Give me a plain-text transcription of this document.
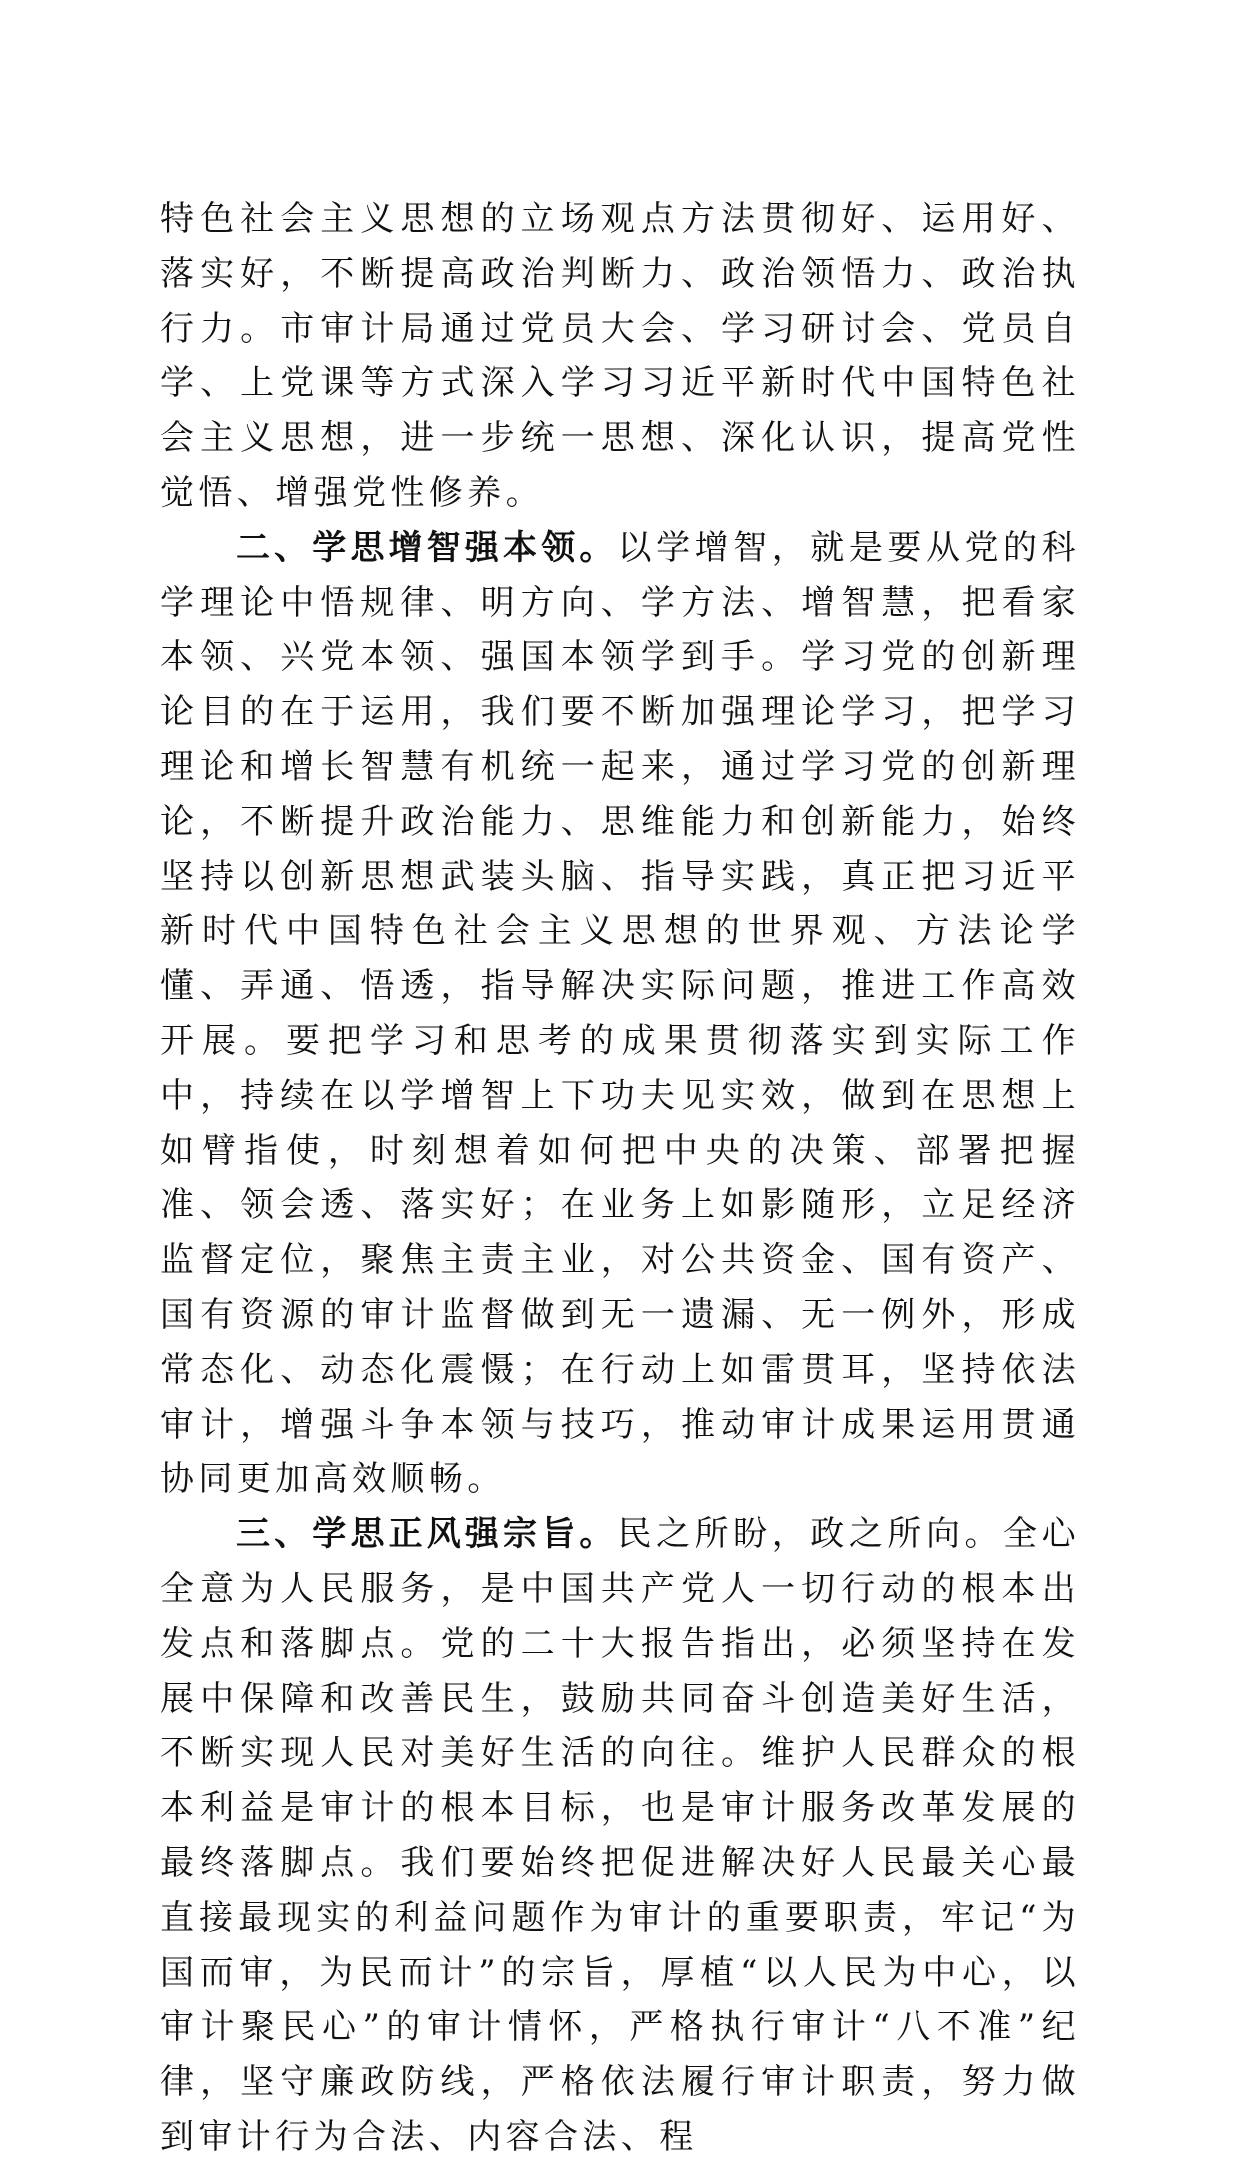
特色社会主义思想的立场观点方法贯彻好、运用好、落实好，不断提高政治判断力、政治领悟力、政治执行力。市审计局通过党员大会、学习研讨会、党员自学、上党课等方式深入学习习近平新时代中国特色社会主义思想，进一步统一思想、深化认识，提高党性觉悟、增强党性修养。

二、学思增智强本领。以学增智，就是要从党的科学理论中悟规律、明方向、学方法、增智慧，把看家本领、兴党本领、强国本领学到手。学习党的创新理论目的在于运用，我们要不断加强理论学习，把学习理论和增长智慧有机统一起来，通过学习党的创新理论，不断提升政治能力、思维能力和创新能力，始终坚持以创新思想武装头脑、指导实践，真正把习近平新时代中国特色社会主义思想的世界观、方法论学懂、弄通、悟透，指导解决实际问题，推进工作高效开展。要把学习和思考的成果贯彻落实到实际工作中，持续在以学增智上下功夫见实效，做到在思想上如臂指使，时刻想着如何把中央的决策、部署把握准、领会透、落实好；在业务上如影随形，立足经济监督定位，聚焦主责主业，对公共资金、国有资产、国有资源的审计监督做到无一遗漏、无一例外，形成常态化、动态化震慑；在行动上如雷贯耳，坚持依法审计，增强斗争本领与技巧，推动审计成果运用贯通协同更加高效顺畅。

三、学思正风强宗旨。民之所盼，政之所向。全心全意为人民服务，是中国共产党人一切行动的根本出发点和落脚点。党的二十大报告指出，必须坚持在发展中保障和改善民生，鼓励共同奋斗创造美好生活，不断实现人民对美好生活的向往。维护人民群众的根本利益是审计的根本目标，也是审计服务改革发展的最终落脚点。我们要始终把促进解决好人民最关心最直接最现实的利益问题作为审计的重要职责，牢记“为国而审，为民而计”的宗旨，厚植“以人民为中心，以审计聚民心”的审计情怀，严格执行审计“八不准”纪律，坚守廉政防线，严格依法履行审计职责，努力做到审计行为合法、内容合法、程
